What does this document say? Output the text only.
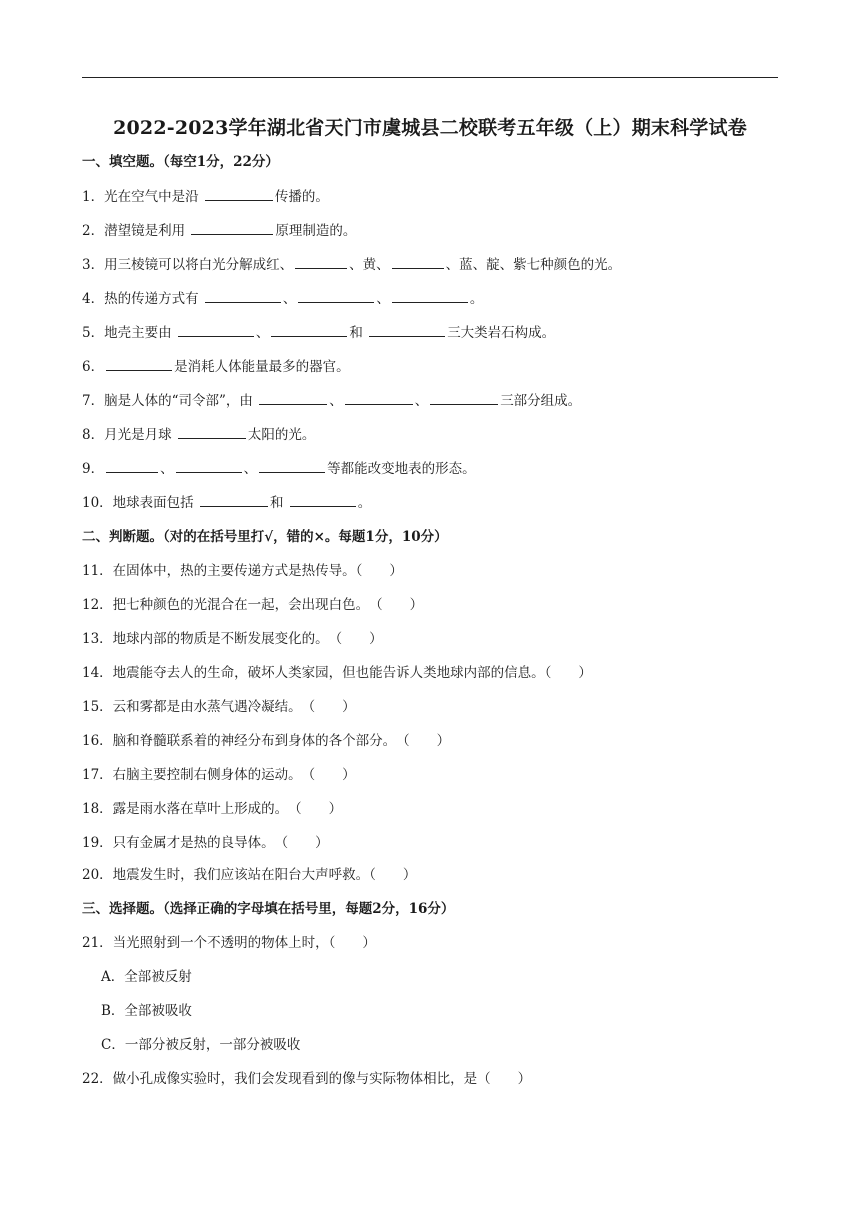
2022-2023学年湖北省天门市虞城县二校联考五年级（上）期末科学试卷
一、填空题。（每空1分，22分）
1．光在空气中是沿	传播的。
2．潜望镜是利用	原理制造的。
3．用三棱镜可以将白光分解成红、	、黄、	、蓝、靛、紫七种颜色的光。
4．热的传递方式有	、	、	。
5．地壳主要由	、	和	三大类岩石构成。
6．	是消耗人体能量最多的器官。
7．脑是人体的“司令部”，由	、	、	三部分组成。
8．月光是月球	太阳的光。
9．	、	、	等都能改变地表的形态。
10．地球表面包括	和	。
二、判断题。（对的在括号里打√，错的×。每题1分，10分）
11．在固体中，热的主要传递方式是热传导。（　　）
12．把七种颜色的光混合在一起，会出现白色。　（　　）
13．地球内部的物质是不断发展变化的。　（　　）
14．地震能夺去人的生命，破坏人类家园，但也能告诉人类地球内部的信息。（　　）
15．云和雾都是由水蒸气遇冷凝结。　（　　）
16．脑和脊髓联系着的神经分布到身体的各个部分。　（　　）
17．右脑主要控制右侧身体的运动。　（　　）
18．露是雨水落在草叶上形成的。　（　　）
19．只有金属才是热的良导体。　（　　）
20．地震发生时，我们应该站在阳台大声呼救。（　　）
三、选择题。（选择正确的字母填在括号里，每题2分，16分）
21．当光照射到一个不透明的物体上时，（　　）
A．全部被反射
B．全部被吸收
C．一部分被反射，一部分被吸收
22．做小孔成像实验时，我们会发现看到的像与实际物体相比，是（　　）
